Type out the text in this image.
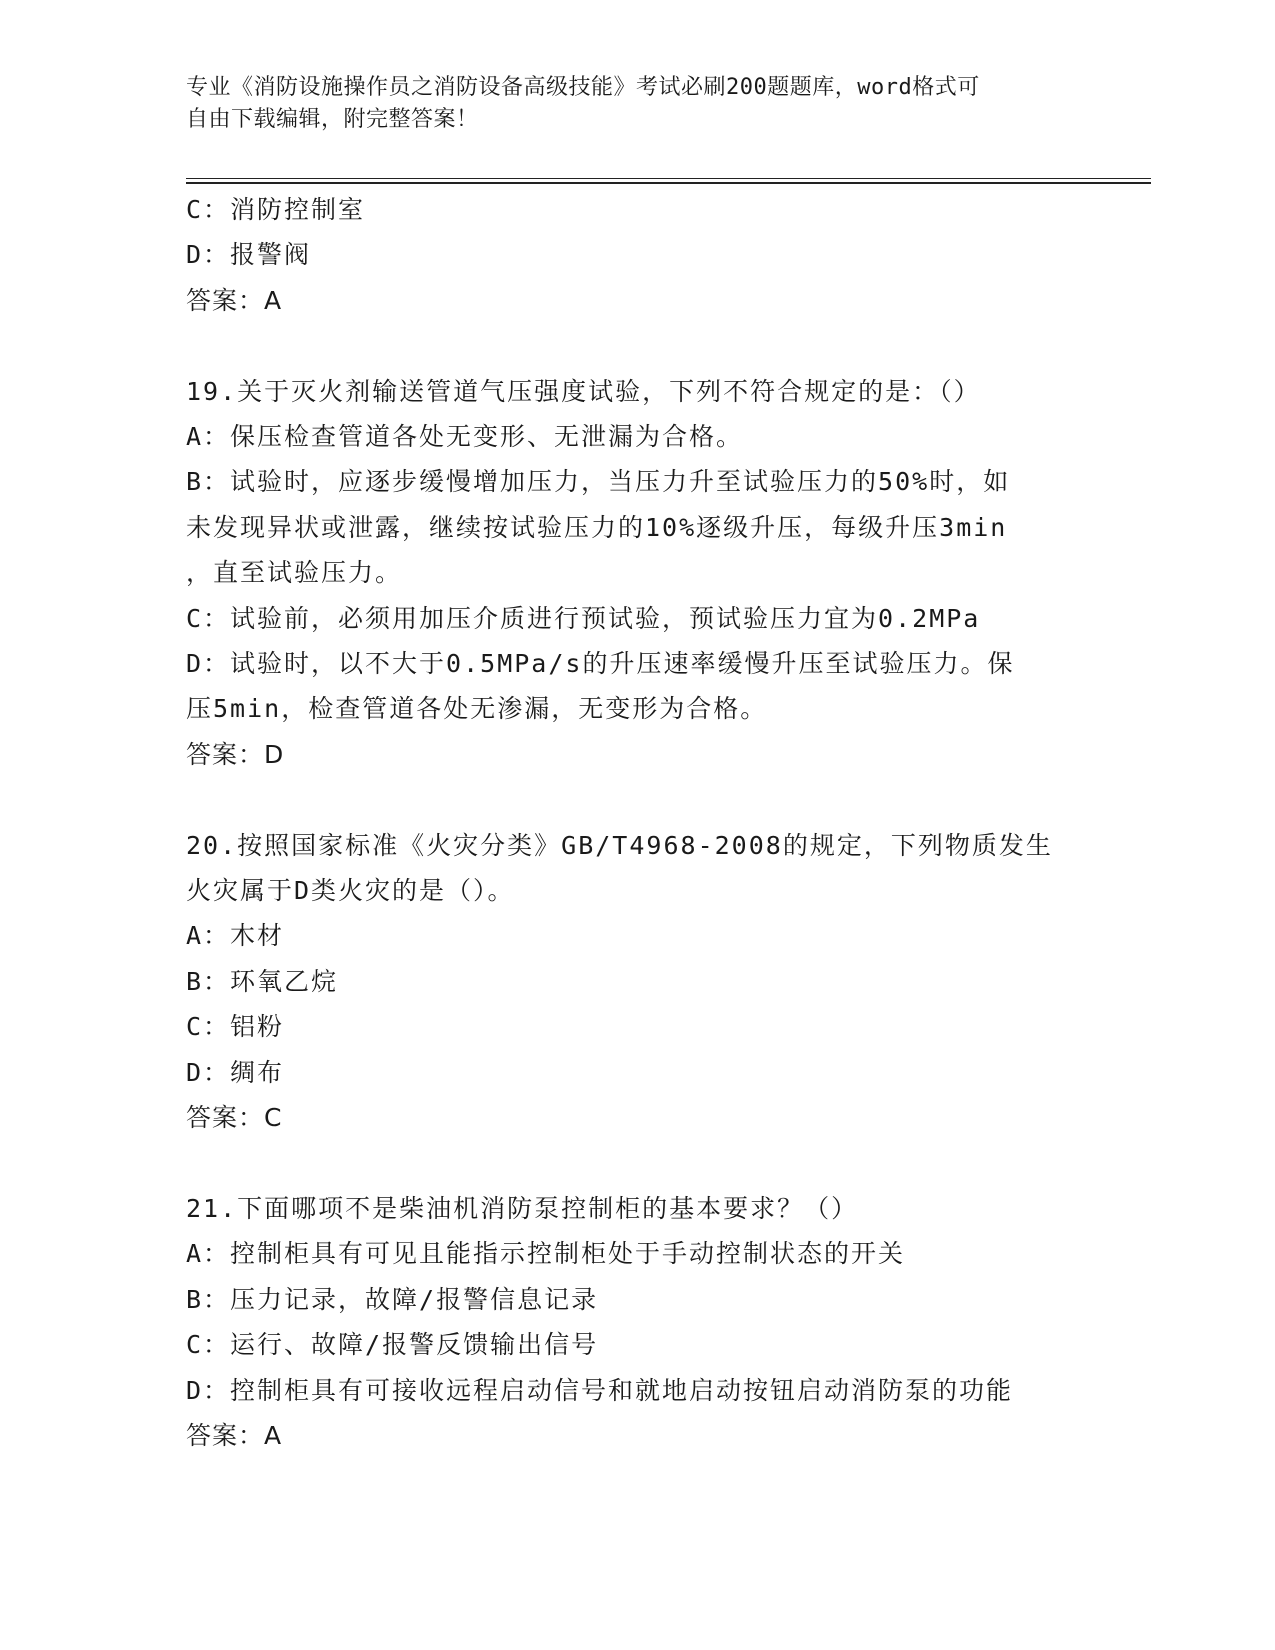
专业《消防设施操作员之消防设备高级技能》考试必刷200题题库，word格式可
自由下载编辑，附完整答案！
C：消防控制室
D：报警阀
答案：A
19.关于灭火剂输送管道气压强度试验，下列不符合规定的是：（）
A：保压检查管道各处无变形、无泄漏为合格。
B：试验时，应逐步缓慢增加压力，当压力升至试验压力的50%时，如
未发现异状或泄露，继续按试验压力的10%逐级升压，每级升压3min
，直至试验压力。
C：试验前，必须用加压介质进行预试验，预试验压力宜为0.2MPa
D：试验时，以不大于0.5MPa/s的升压速率缓慢升压至试验压力。保
压5min，检查管道各处无渗漏，无变形为合格。
答案：D
20.按照国家标准《火灾分类》GB/T4968-2008的规定，下列物质发生
火灾属于D类火灾的是（）。
A：木材
B：环氧乙烷
C：铝粉
D：绸布
答案：C
21.下面哪项不是柴油机消防泵控制柜的基本要求？（）
A：控制柜具有可见且能指示控制柜处于手动控制状态的开关
B：压力记录，故障/报警信息记录
C：运行、故障/报警反馈输出信号
D：控制柜具有可接收远程启动信号和就地启动按钮启动消防泵的功能
答案：A
